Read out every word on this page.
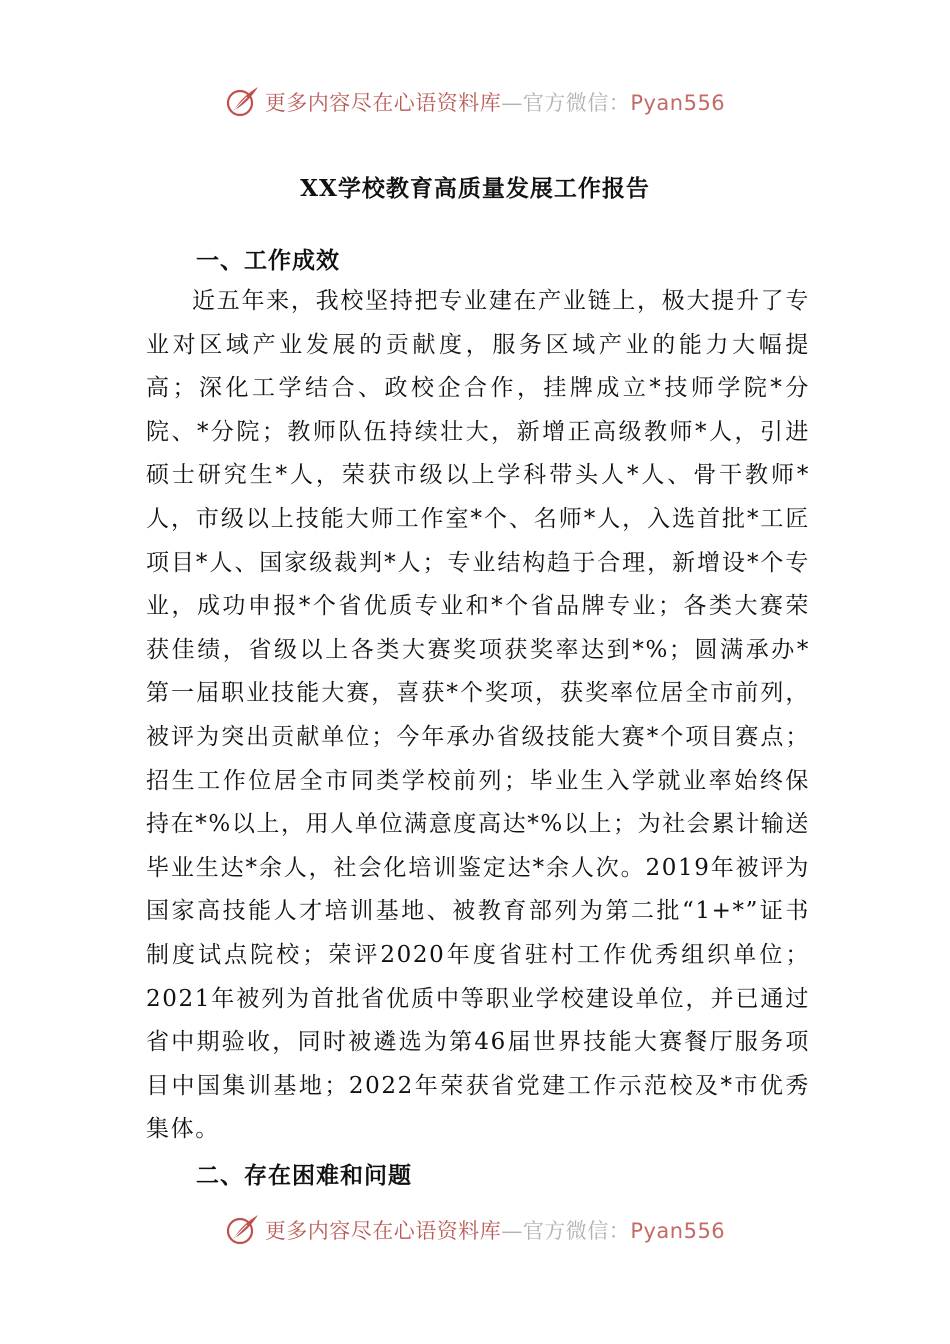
更多内容尽在心语资料库—官方微信：Pyan556
XX学校教育高质量发展工作报告
一、工作成效

近五年来，我校坚持把专业建在产业链上，极大提升了专业对区域产业发展的贡献度，服务区域产业的能力大幅提高；深化工学结合、政校企合作，挂牌成立*技师学院*分院、*分院；教师队伍持续壮大，新增正高级教师*人，引进硕士研究生*人，荣获市级以上学科带头人*人、骨干教师*人，市级以上技能大师工作室*个、名师*人，入选首批*工匠项目*人、国家级裁判*人；专业结构趋于合理，新增设*个专业，成功申报*个省优质专业和*个省品牌专业；各类大赛荣获佳绩，省级以上各类大赛奖项获奖率达到*%；圆满承办*第一届职业技能大赛，喜获*个奖项，获奖率位居全市前列，被评为突出贡献单位；今年承办省级技能大赛*个项目赛点；招生工作位居全市同类学校前列；毕业生入学就业率始终保持在*%以上，用人单位满意度高达*%以上；为社会累计输送毕业生达*余人，社会化培训鉴定达*余人次。2019年被评为国家高技能人才培训基地、被教育部列为第二批“1+*”证书制度试点院校；荣评2020年度省驻村工作优秀组织单位；2021年被列为首批省优质中等职业学校建设单位，并已通过省中期验收，同时被遴选为第46届世界技能大赛餐厅服务项目中国集训基地；2022年荣获省党建工作示范校及*市优秀集体。

二、存在困难和问题
更多内容尽在心语资料库—官方微信：Pyan556
